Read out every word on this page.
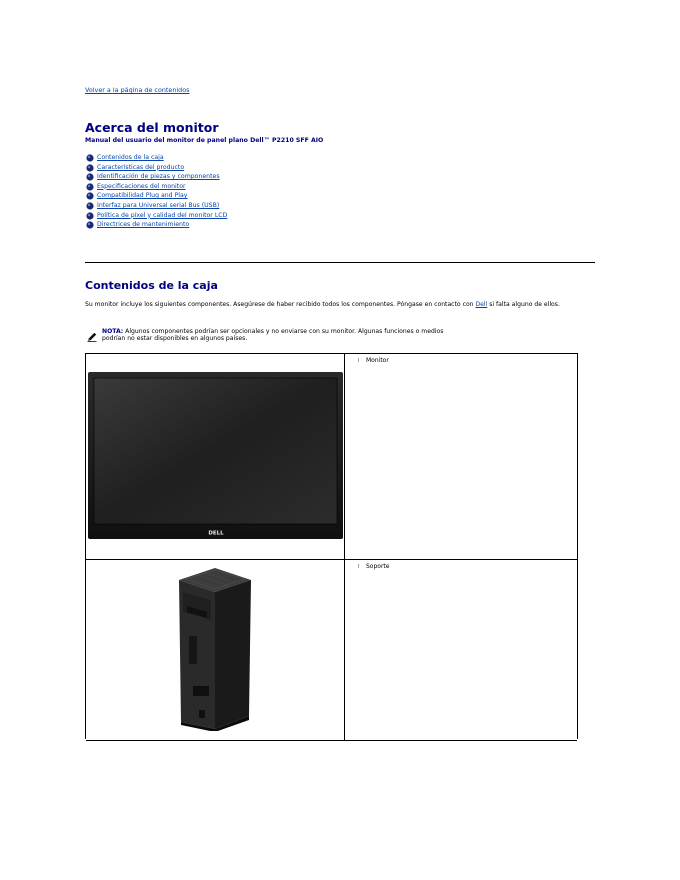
Volver a la página de contenidos
Acerca del monitor

Manual del usuario del monitor de panel plano Dell™ P2210 SFF AIO

Contenidos de la caja
Características del producto
Identificación de piezas y componentes
Especificaciones del monitor
Compatibilidad Plug and Play
Interfaz para Universal serial Bus (USB)
Política de píxel y calidad del monitor LCD
Directrices de mantenimiento
Contenidos de la caja

Su monitor incluye los siguientes componentes. Asegúrese de haber recibido todos los componentes. Póngase en contacto con Dell si falta alguno de ellos.

NOTA: Algunos componentes podrían ser opcionales y no enviarse con su monitor. Algunas funciones o medios podrían no estar disponibles en algunos países.

DELL
l	Monitor
l	Soporte
